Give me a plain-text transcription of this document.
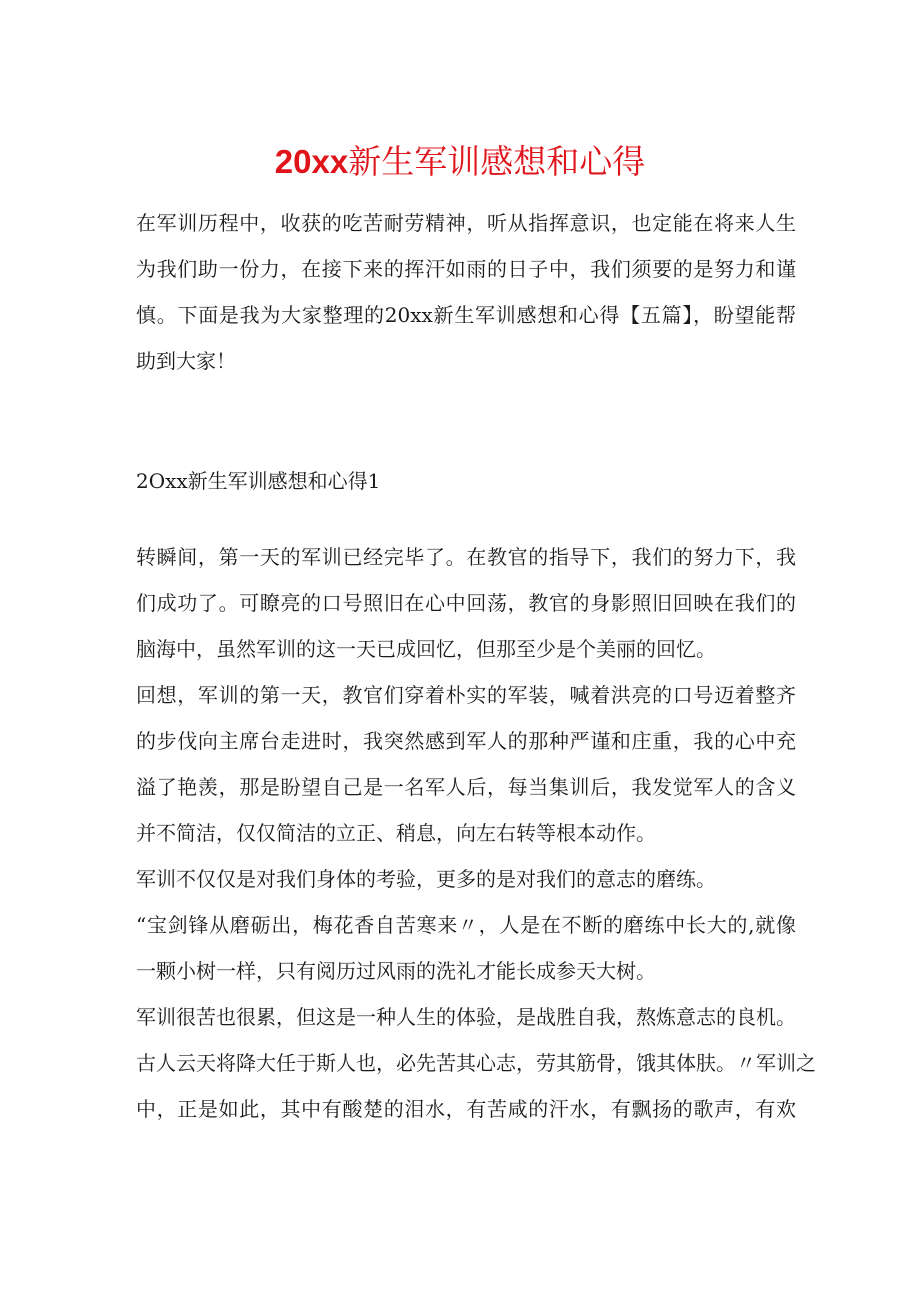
20xx新生军训感想和心得
在军训历程中，收获的吃苦耐劳精神，听从指挥意识，也定能在将来人生
为我们助一份力，在接下来的挥汗如雨的日子中，我们须要的是努力和谨
慎。下面是我为大家整理的20xx新生军训感想和心得【五篇】，盼望能帮
助到大家！

2Oxx新生军训感想和心得1

转瞬间，第一天的军训已经完毕了。在教官的指导下，我们的努力下，我
们成功了。可瞭亮的口号照旧在心中回荡，教官的身影照旧回映在我们的
脑海中，虽然军训的这一天已成回忆，但那至少是个美丽的回忆。
回想，军训的第一天，教官们穿着朴实的军装，喊着洪亮的口号迈着整齐
的步伐向主席台走进时，我突然感到军人的那种严谨和庄重，我的心中充
溢了艳羡，那是盼望自己是一名军人后，每当集训后，我发觉军人的含义
并不简洁，仅仅简洁的立正、稍息，向左右转等根本动作。
军训不仅仅是对我们身体的考验，更多的是对我们的意志的磨练。
“宝剑锋从磨砺出，梅花香自苦寒来〃，人是在不断的磨练中长大的,就像
一颗小树一样，只有阅历过风雨的洗礼才能长成参天大树。
军训很苦也很累，但这是一种人生的体验，是战胜自我，熬炼意志的良机。
古人云天将降大任于斯人也，必先苦其心志，劳其筋骨，饿其体肤。〃军训之
中，正是如此，其中有酸楚的泪水，有苦咸的汗水，有飘扬的歌声，有欢
